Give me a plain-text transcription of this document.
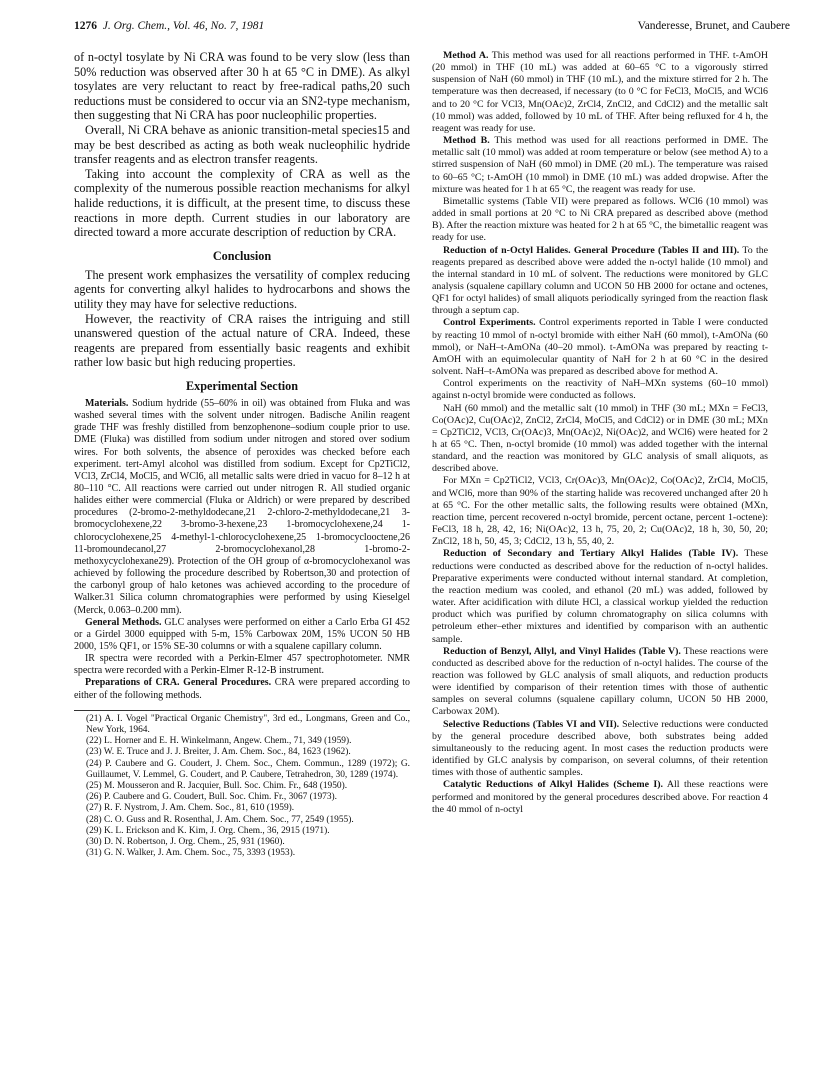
1276 J. Org. Chem., Vol. 46, No. 7, 1981	Vanderesse, Brunet, and Caubere

of n-octyl tosylate by Ni CRA was found to be very slow (less than 50% reduction was observed after 30 h at 65 °C in DME). As alkyl tosylates are very reluctant to react by free-radical paths,20 such reductions must be considered to occur via an SN2-type mechanism, then suggesting that Ni CRA has poor nucleophilic properties.

Overall, Ni CRA behave as anionic transition-metal species15 and may be best described as acting as both weak nucleophilic hydride transfer reagents and as electron transfer reagents.

Taking into account the complexity of CRA as well as the complexity of the numerous possible reaction mechanisms for alkyl halide reductions, it is difficult, at the present time, to discuss these reactions in more depth. Current studies in our laboratory are directed toward a more accurate description of reduction by CRA.

Conclusion

The present work emphasizes the versatility of complex reducing agents for converting alkyl halides to hydrocarbons and shows the utility they may have for selective reductions.

However, the reactivity of CRA raises the intriguing and still unanswered question of the actual nature of CRA. Indeed, these reagents are prepared from essentially basic reagents and exhibit rather low basic but high reducing properties.

Experimental Section

Materials. Sodium hydride (55–60% in oil) was obtained from Fluka and was washed several times with the solvent under nitrogen. Badische Anilin reagent grade THF was freshly distilled from benzophenone–sodium couple prior to use. DME (Fluka) was distilled from sodium under nitrogen and stored over sodium wires. For both solvents, the absence of peroxides was checked before each experiment. tert-Amyl alcohol was distilled from sodium. Except for Cp2TiCl2, VCl3, ZrCl4, MoCl5, and WCl6, all metallic salts were dried in vacuo for 8–12 h at 80–110 °C. All reactions were carried out under nitrogen R. All studied organic halides either were commercial (Fluka or Aldrich) or were prepared by described procedures (2-bromo-2-methyldodecane,21 2-chloro-2-methyldodecane,21 3-bromocyclohexene,22 3-bromo-3-hexene,23 1-bromocyclohexene,24 1-chlorocyclohexene,25 4-methyl-1-chlorocyclohexene,25 1-bromocyclooctene,26 11-bromoundecanol,27 2-bromocyclohexanol,28 1-bromo-2-methoxycyclohexane29). Protection of the OH group of α-bromocyclohexanol was achieved by following the procedure described by Robertson,30 and protection of the carbonyl group of halo ketones was achieved according to the procedure of Walker.31 Silica column chromatographies were performed by using Kieselgel (Merck, 0.063–0.200 mm).

General Methods. GLC analyses were performed on either a Carlo Erba GI 452 or a Girdel 3000 equipped with 5-m, 15% Carbowax 20M, 15% UCON 50 HB 2000, 15% QF1, or 15% SE-30 columns or with a squalene capillary column.

IR spectra were recorded with a Perkin-Elmer 457 spectrophotometer. NMR spectra were recorded with a Perkin-Elmer R-12-B instrument.

Preparations of CRA. General Procedures. CRA were prepared according to either of the following methods.

(21) A. I. Vogel "Practical Organic Chemistry", 3rd ed., Longmans, Green and Co., New York, 1964.

(22) L. Horner and E. H. Winkelmann, Angew. Chem., 71, 349 (1959).

(23) W. E. Truce and J. J. Breiter, J. Am. Chem. Soc., 84, 1623 (1962).

(24) P. Caubere and G. Coudert, J. Chem. Soc., Chem. Commun., 1289 (1972); G. Guillaumet, V. Lemmel, G. Coudert, and P. Caubere, Tetrahedron, 30, 1289 (1974).

(25) M. Mousseron and R. Jacquier, Bull. Soc. Chim. Fr., 648 (1950).

(26) P. Caubere and G. Coudert, Bull. Soc. Chim. Fr., 3067 (1973).

(27) R. F. Nystrom, J. Am. Chem. Soc., 81, 610 (1959).

(28) C. O. Guss and R. Rosenthal, J. Am. Chem. Soc., 77, 2549 (1955).

(29) K. L. Erickson and K. Kim, J. Org. Chem., 36, 2915 (1971).

(30) D. N. Robertson, J. Org. Chem., 25, 931 (1960).

(31) G. N. Walker, J. Am. Chem. Soc., 75, 3393 (1953).

Method A. This method was used for all reactions performed in THF. t-AmOH (20 mmol) in THF (10 mL) was added at 60–65 °C to a vigorously stirred suspension of NaH (60 mmol) in THF (10 mL), and the mixture stirred for 2 h. The temperature was then decreased, if necessary (to 0 °C for FeCl3, MoCl5, and WCl6 and to 20 °C for VCl3, Mn(OAc)2, ZrCl4, ZnCl2, and CdCl2) and the metallic salt (10 mmol) was added, followed by 10 mL of THF. After being refluxed for 4 h, the reagent was ready for use.

Method B. This method was used for all reactions performed in DME. The metallic salt (10 mmol) was added at room temperature or below (see method A) to a stirred suspension of NaH (60 mmol) in DME (20 mL). The temperature was raised to 60–65 °C; t-AmOH (10 mmol) in DME (10 mL) was added dropwise. After the mixture was heated for 1 h at 65 °C, the reagent was ready for use.

Bimetallic systems (Table VII) were prepared as follows. WCl6 (10 mmol) was added in small portions at 20 °C to Ni CRA prepared as described above (method B). After the reaction mixture was heated for 2 h at 65 °C, the bimetallic reagent was ready for use.

Reduction of n-Octyl Halides. General Procedure (Tables II and III). To the reagents prepared as described above were added the n-octyl halide (10 mmol) and the internal standard in 10 mL of solvent. The reductions were monitored by GLC analysis (squalene capillary column and UCON 50 HB 2000 for octane and octenes, QF1 for octyl halides) of small aliquots periodically syringed from the reaction flask through a septum cap.

Control Experiments. Control experiments reported in Table I were conducted by reacting 10 mmol of n-octyl bromide with either NaH (60 mmol), t-AmONa (60 mmol), or NaH–t-AmONa (40–20 mmol). t-AmONa was prepared by reacting t-AmOH with an equimolecular quantity of NaH for 2 h at 60 °C in the desired solvent. NaH–t-AmONa was prepared as described above for method A.

Control experiments on the reactivity of NaH–MXn systems (60–10 mmol) against n-octyl bromide were conducted as follows.

NaH (60 mmol) and the metallic salt (10 mmol) in THF (30 mL; MXn = FeCl3, Co(OAc)2, Cu(OAc)2, ZnCl2, ZrCl4, MoCl5, and CdCl2) or in DME (30 mL; MXn = Cp2TiCl2, VCl3, Cr(OAc)3, Mn(OAc)2, Ni(OAc)2, and WCl6) were heated for 2 h at 65 °C. Then, n-octyl bromide (10 mmol) was added together with the internal standard, and the reaction was monitored by GLC analysis of small aliquots, as described above.

For MXn = Cp2TiCl2, VCl3, Cr(OAc)3, Mn(OAc)2, Co(OAc)2, ZrCl4, MoCl5, and WCl6, more than 90% of the starting halide was recovered unchanged after 20 h at 65 °C. For the other metallic salts, the following results were obtained (MXn, reaction time, percent recovered n-octyl bromide, percent octane, percent 1-octene): FeCl3, 18 h, 28, 42, 16; Ni(OAc)2, 13 h, 75, 20, 2; Cu(OAc)2, 18 h, 30, 50, 20; ZnCl2, 18 h, 50, 45, 3; CdCl2, 13 h, 55, 40, 2.

Reduction of Secondary and Tertiary Alkyl Halides (Table IV). These reductions were conducted as described above for the reduction of n-octyl halides. Preparative experiments were conducted without internal standard. At completion, the reaction medium was cooled, and ethanol (20 mL) was added, followed by water. After acidification with dilute HCl, a classical workup yielded the reduction product which was purified by column chromatography on silica columns with petroleum ether–ether mixtures and identified by comparison with an authentic sample.

Reduction of Benzyl, Allyl, and Vinyl Halides (Table V). These reactions were conducted as described above for the reduction of n-octyl halides. The course of the reaction was followed by GLC analysis of small aliquots, and reduction products were identified by comparison of their retention times with those of authentic samples on several columns (squalene capillary column, UCON 50 HB 2000, Carbowax 20M).

Selective Reductions (Tables VI and VII). Selective reductions were conducted by the general procedure described above, both substrates being added simultaneously to the reducing agent. In most cases the reduction products were identified by GLC analysis by comparison, on several columns, of their retention times with those of authentic samples.

Catalytic Reductions of Alkyl Halides (Scheme I). All these reactions were performed and monitored by the general procedures described above. For reaction 4 the 40 mmol of n-octyl
